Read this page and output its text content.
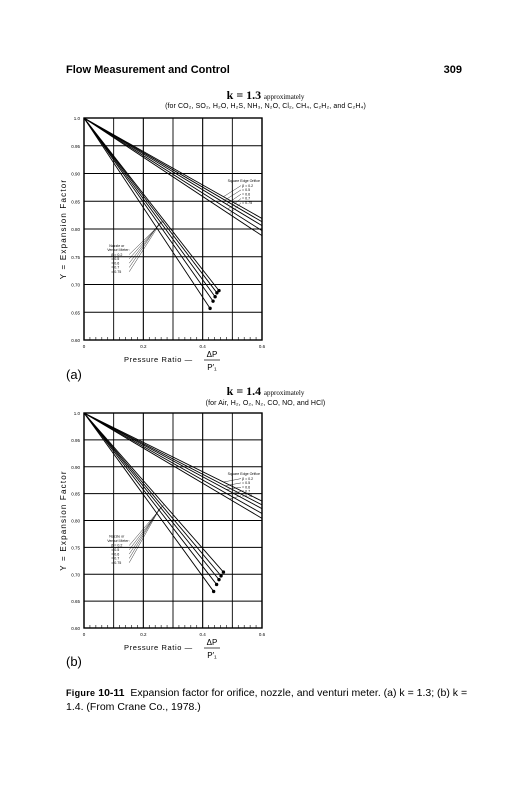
Flow Measurement and Control	309
k = 1.3 approximately
(for CO₂, SO₂, H₂O, H₂S, NH₃, N₂O, Cl₂, CH₄, C₂H₂, and C₂H₄)
k = 1.4 approximately
(for Air, H₂, O₂, N₂, CO, NO, and HCl)
1.0
0.95
0.90
0.85
0.80
0.75
0.70
0.65
0.60
0	0.2	0.4	0.6
Y = Expansion Factor
Pressure Ratio —
ΔP
P′₁
Square Edge Orifice
β = 0.2
= 0.5
= 0.6
= 0.7
= 0.75
Nozzle or
Venturi Meter:
β = 0.2
= 0.5
= 0.6
= 0.7
= 0.75
1.0
0.95
0.90
0.85
0.80
0.75
0.70
0.65
0.60
0	0.2	0.4	0.6
Y = Expansion Factor
Pressure Ratio —
ΔP
P′₁
Square Edge Orifice
β = 0.2
= 0.5
= 0.6
= 0.7
= 0.75
Nozzle or
Venturi Meter:
β = 0.2
= 0.5
= 0.6
= 0.7
= 0.75
(a)
(b)
Figure 10-11 Expansion factor for orifice, nozzle, and venturi meter. (a) k = 1.3; (b) k = 1.4. (From Crane Co., 1978.)
